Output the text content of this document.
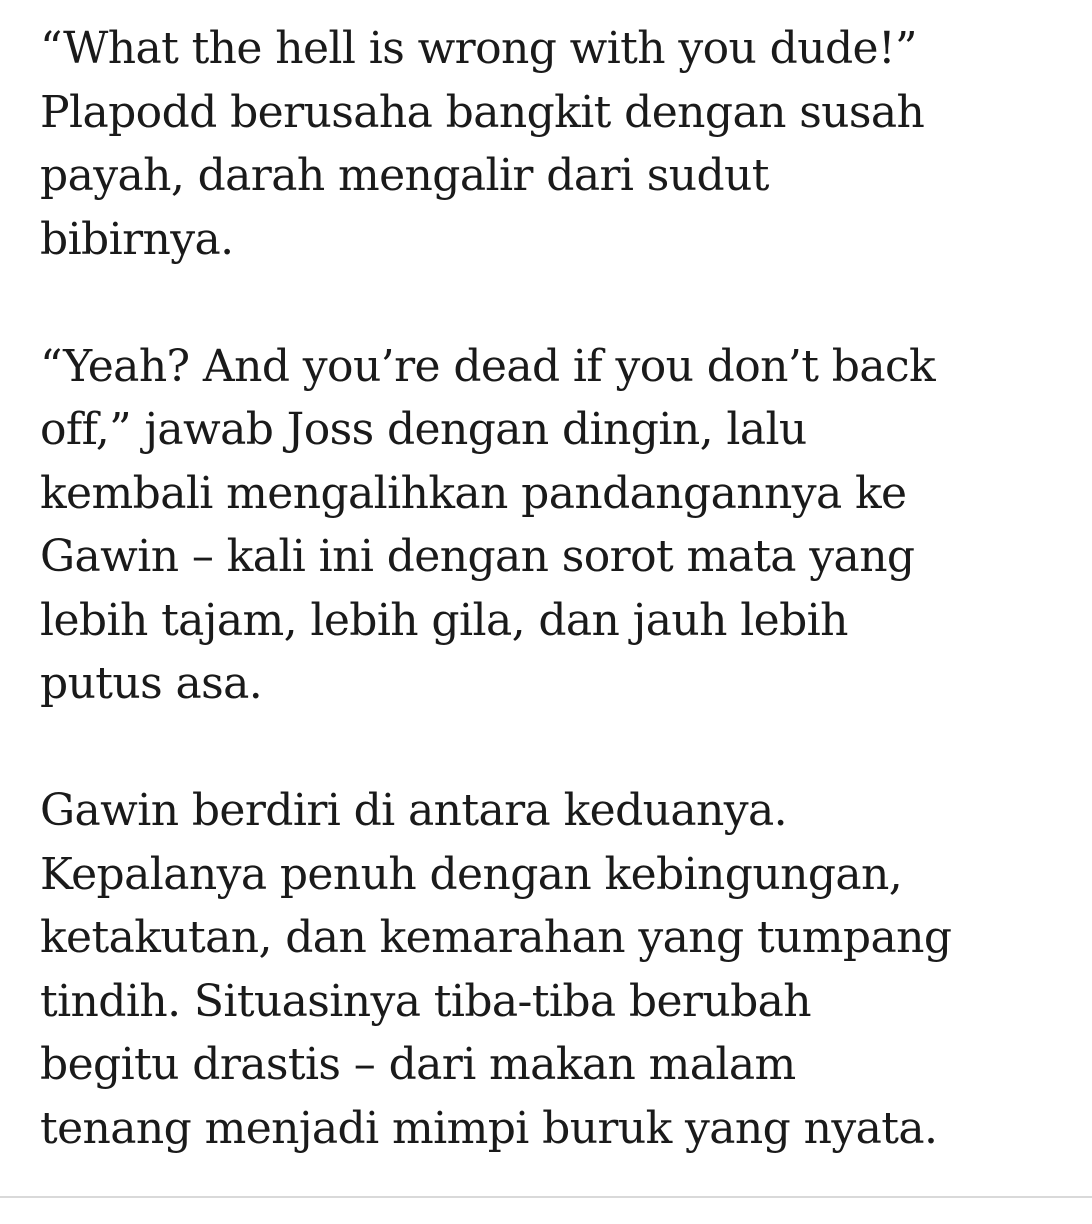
“What the hell is wrong with you dude!”
Plapodd berusaha bangkit dengan susah
payah, darah mengalir dari sudut
bibirnya.
“Yeah? And you’re dead if you don’t back
off,” jawab Joss dengan dingin, lalu
kembali mengalihkan pandangannya ke
Gawin – kali ini dengan sorot mata yang
lebih tajam, lebih gila, dan jauh lebih
putus asa.
Gawin berdiri di antara keduanya.
Kepalanya penuh dengan kebingungan,
ketakutan, dan kemarahan yang tumpang
tindih. Situasinya tiba-tiba berubah
begitu drastis – dari makan malam
tenang menjadi mimpi buruk yang nyata.
